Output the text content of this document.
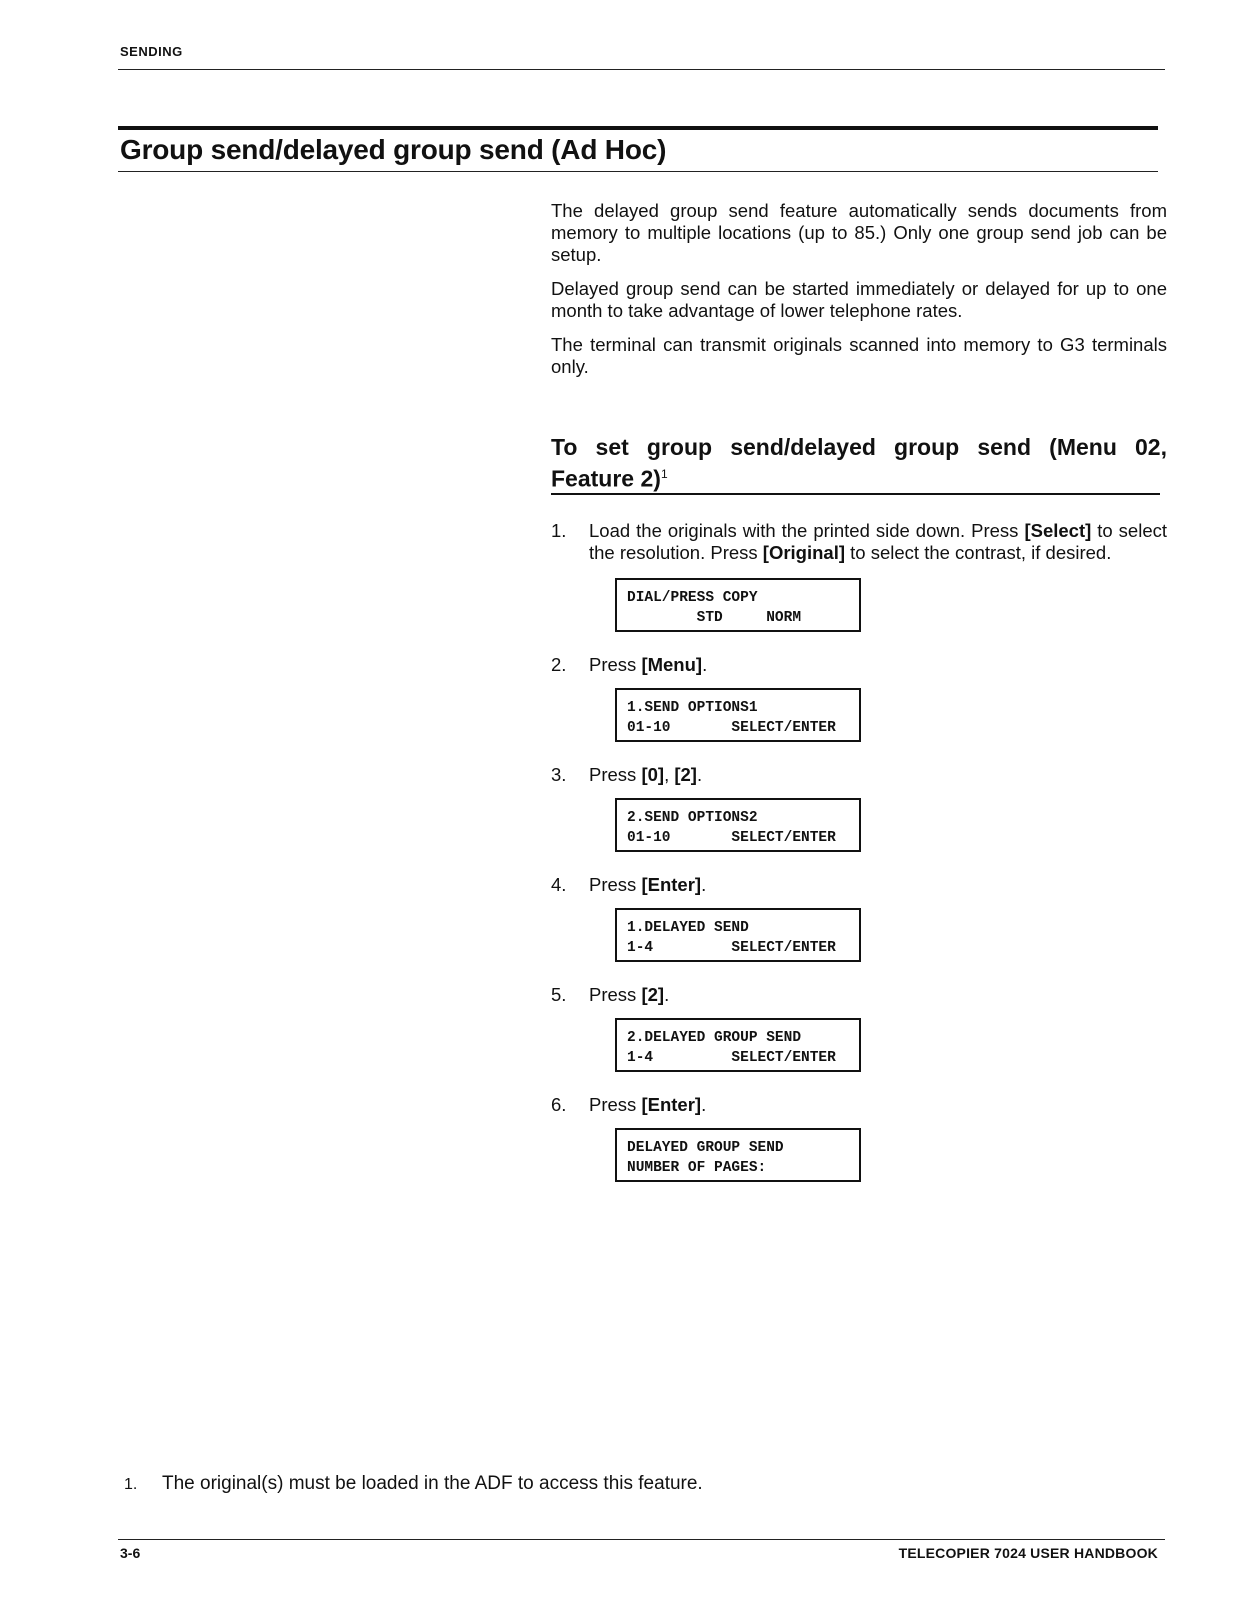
SENDING
Group send/delayed group send (Ad Hoc)

The delayed group send feature automatically sends documents from memory to multiple locations (up to 85.) Only one group send job can be setup.

Delayed group send can be started immediately or delayed for up to one month to take advantage of lower telephone rates.

The terminal can transmit originals scanned into memory to G3 terminals only.

To set group send/delayed group send (Menu 02, Feature 2)$^1$
1.	Load the originals with the printed side down. Press [Select] to select the resolution. Press [Original] to select the contrast, if desired.
DIAL/PRESS COPY
STD     NORM
2.	Press [Menu].
1.SEND OPTIONS1
01-10       SELECT/ENTER
3.	Press [0], [2].
2.SEND OPTIONS2
01-10       SELECT/ENTER
4.	Press [Enter].
1.DELAYED SEND
1-4         SELECT/ENTER
5.	Press [2].
2.DELAYED GROUP SEND
1-4         SELECT/ENTER
6.	Press [Enter].
DELAYED GROUP SEND
NUMBER OF PAGES:
1. The original(s) must be loaded in the ADF to access this feature.
3-6	TELECOPIER 7024 USER HANDBOOK
